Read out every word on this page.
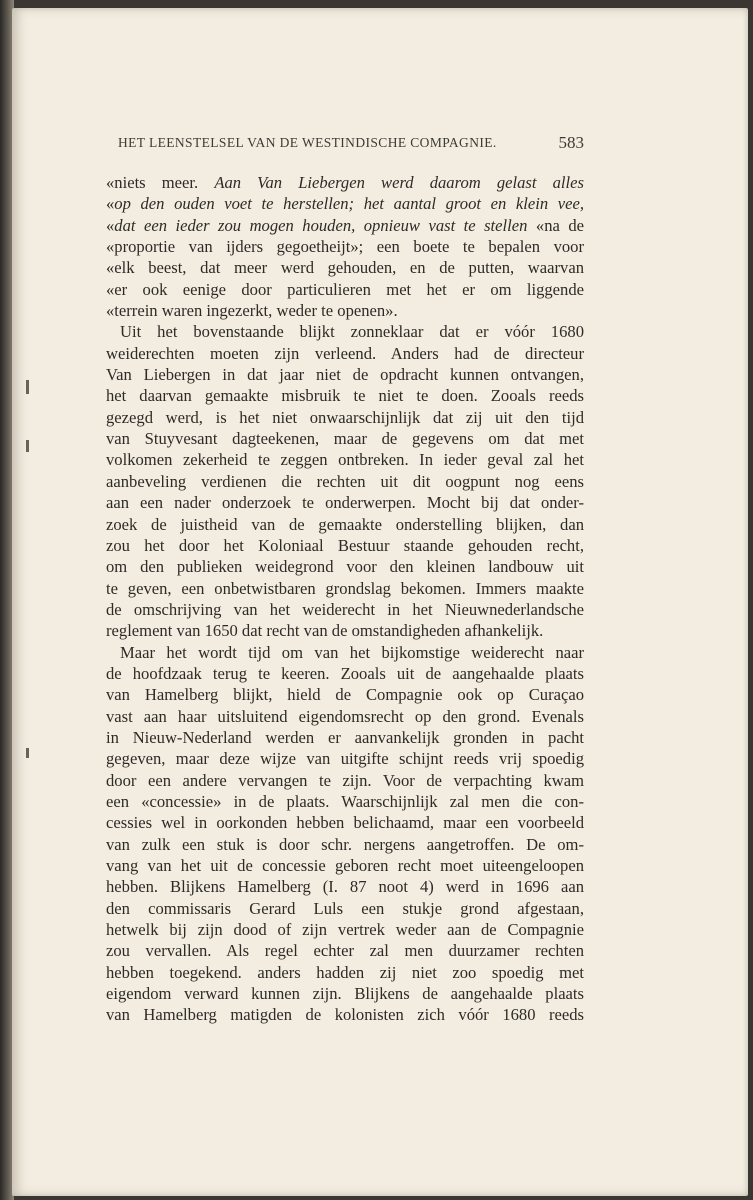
HET LEENSTELSEL VAN DE WESTINDISCHE COMPAGNIE.	583
«niets meer. Aan Van Liebergen werd daarom gelast alles
«op den ouden voet te herstellen; het aantal groot en klein vee,
«dat een ieder zou mogen houden, opnieuw vast te stellen «na de
«proportie van ijders gegoetheijt»; een boete te bepalen voor
«elk beest, dat meer werd gehouden, en de putten, waarvan
«er ook eenige door particulieren met het er om liggende
«terrein waren ingezerkt, weder te openen».
Uit het bovenstaande blijkt zonneklaar dat er vóór 1680
weiderechten moeten zijn verleend. Anders had de directeur
Van Liebergen in dat jaar niet de opdracht kunnen ontvangen,
het daarvan gemaakte misbruik te niet te doen. Zooals reeds
gezegd werd, is het niet onwaarschijnlijk dat zij uit den tijd
van Stuyvesant dagteekenen, maar de gegevens om dat met
volkomen zekerheid te zeggen ontbreken. In ieder geval zal het
aanbeveling verdienen die rechten uit dit oogpunt nog eens
aan een nader onderzoek te onderwerpen. Mocht bij dat onder-
zoek de juistheid van de gemaakte onderstelling blijken, dan
zou het door het Koloniaal Bestuur staande gehouden recht,
om den publieken weidegrond voor den kleinen landbouw uit
te geven, een onbetwistbaren grondslag bekomen. Immers maakte
de omschrijving van het weiderecht in het Nieuwnederlandsche
reglement van 1650 dat recht van de omstandigheden afhankelijk.
Maar het wordt tijd om van het bijkomstige weiderecht naar
de hoofdzaak terug te keeren. Zooals uit de aangehaalde plaats
van Hamelberg blijkt, hield de Compagnie ook op Curaçao
vast aan haar uitsluitend eigendomsrecht op den grond. Evenals
in Nieuw-Nederland werden er aanvankelijk gronden in pacht
gegeven, maar deze wijze van uitgifte schijnt reeds vrij spoedig
door een andere vervangen te zijn. Voor de verpachting kwam
een «concessie» in de plaats. Waarschijnlijk zal men die con-
cessies wel in oorkonden hebben belichaamd, maar een voorbeeld
van zulk een stuk is door schr. nergens aangetroffen. De om-
vang van het uit de concessie geboren recht moet uiteengeloopen
hebben. Blijkens Hamelberg (I. 87 noot 4) werd in 1696 aan
den commissaris Gerard Luls een stukje grond afgestaan,
hetwelk bij zijn dood of zijn vertrek weder aan de Compagnie
zou vervallen. Als regel echter zal men duurzamer rechten
hebben toegekend. anders hadden zij niet zoo spoedig met
eigendom verward kunnen zijn. Blijkens de aangehaalde plaats
van Hamelberg matigden de kolonisten zich vóór 1680 reeds
